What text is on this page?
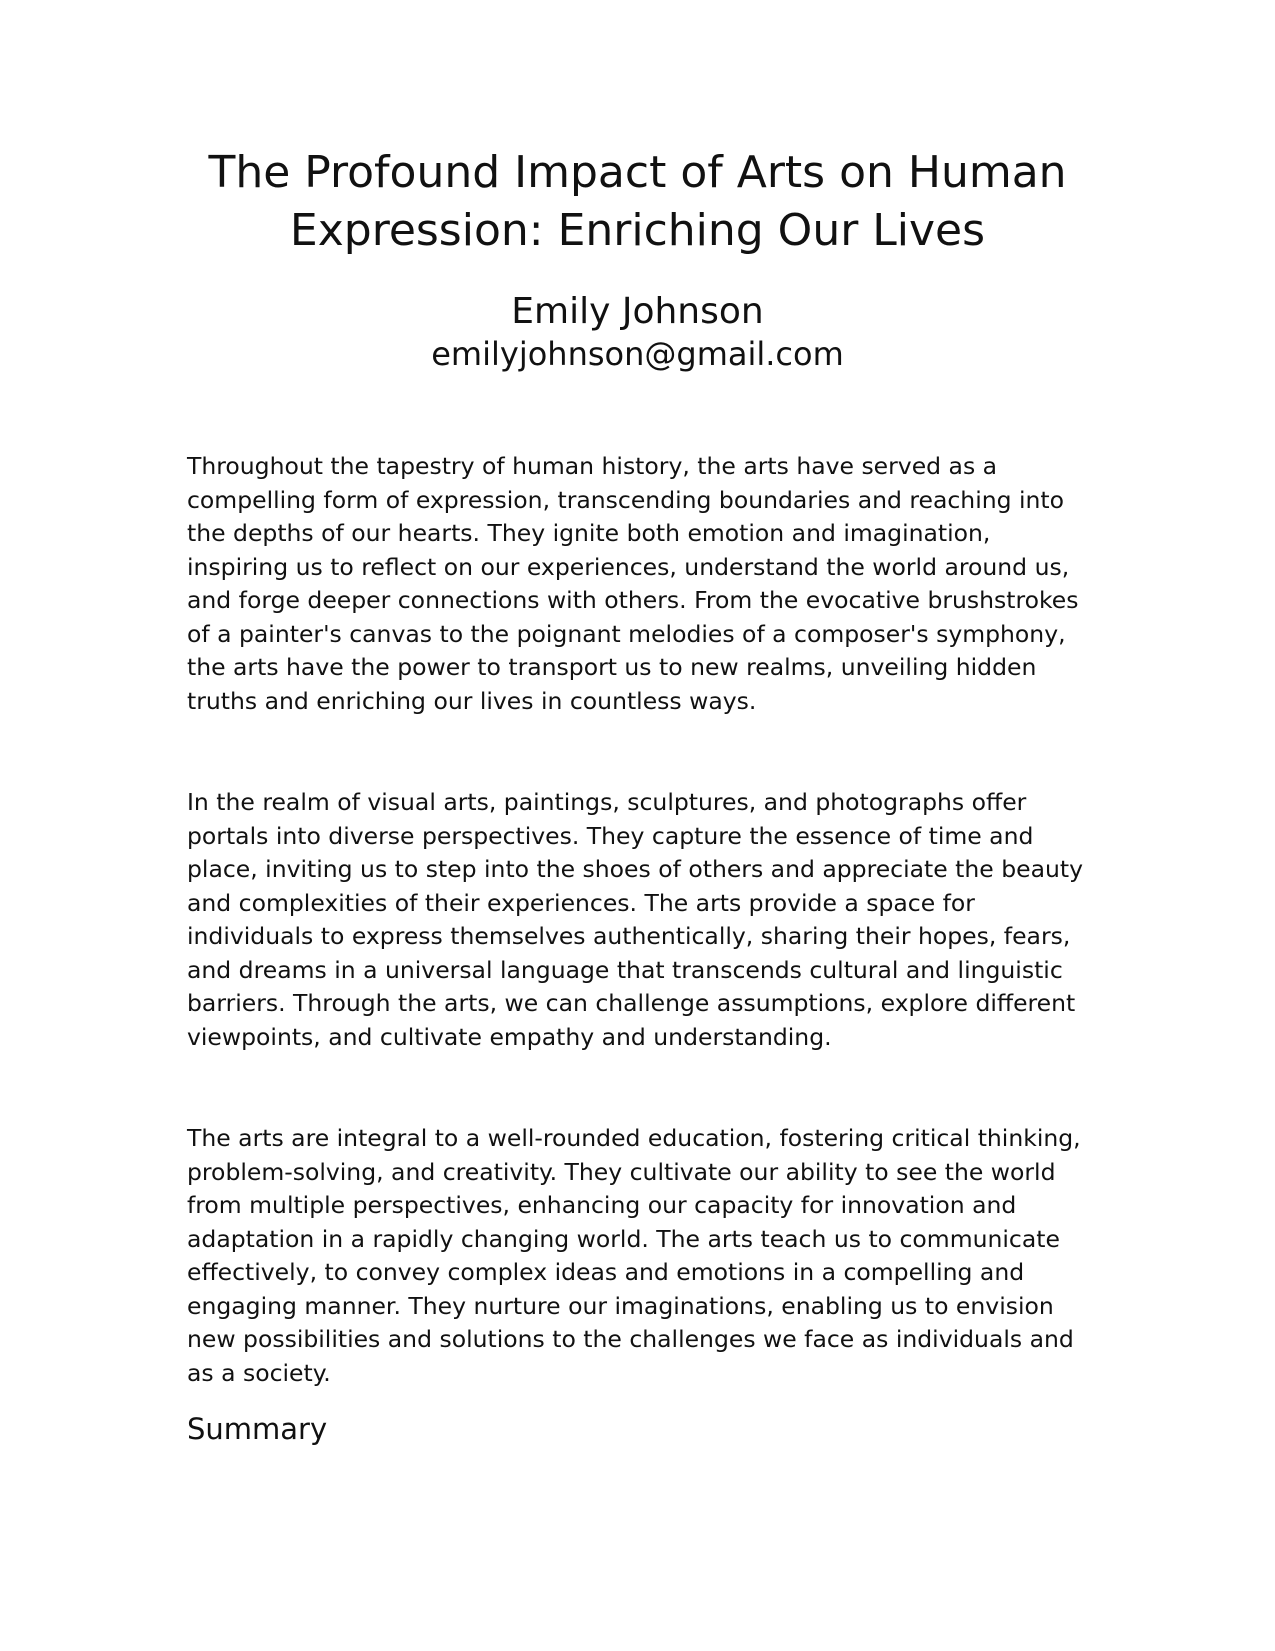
The Profound Impact of Arts on Human
Expression: Enriching Our Lives

Emily Johnson

emilyjohnson@gmail.com

Throughout the tapestry of human history, the arts have served as a compelling form of expression, transcending boundaries and reaching into the depths of our hearts. They ignite both emotion and imagination, inspiring us to reflect on our experiences, understand the world around us, and forge deeper connections with others. From the evocative brushstrokes of a painter's canvas to the poignant melodies of a composer's symphony, the arts have the power to transport us to new realms, unveiling hidden truths and enriching our lives in countless ways.

In the realm of visual arts, paintings, sculptures, and photographs offer portals into diverse perspectives. They capture the essence of time and place, inviting us to step into the shoes of others and appreciate the beauty and complexities of their experiences. The arts provide a space for individuals to express themselves authentically, sharing their hopes, fears, and dreams in a universal language that transcends cultural and linguistic barriers. Through the arts, we can challenge assumptions, explore different viewpoints, and cultivate empathy and understanding.

The arts are integral to a well-rounded education, fostering critical thinking, problem-solving, and creativity. They cultivate our ability to see the world from multiple perspectives, enhancing our capacity for innovation and adaptation in a rapidly changing world. The arts teach us to communicate effectively, to convey complex ideas and emotions in a compelling and engaging manner. They nurture our imaginations, enabling us to envision new possibilities and solutions to the challenges we face as individuals and as a society.

Summary
